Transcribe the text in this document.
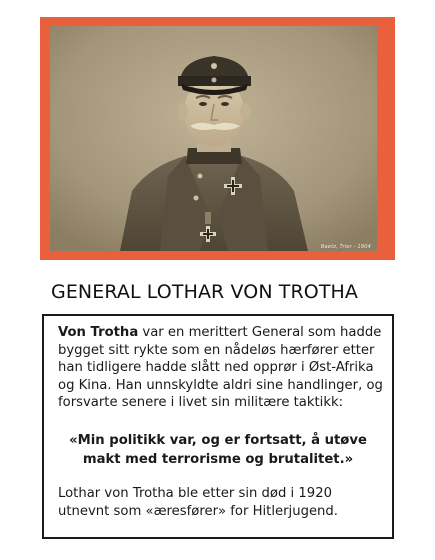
Baetz, Trier - 1904
GENERAL LOTHAR VON TROTHA

Von Trotha var en merittert General som hadde bygget sitt rykte som en nådeløs hærfører etter han tidligere hadde slått ned opprør i Øst-Afrika og Kina. Han unnskyldte aldri sine handlinger, og forsvarte senere i livet sin militære taktikk:

«Min politikk var, og er fortsatt, å utøve makt med terrorisme og brutalitet.»

Lothar von Trotha ble etter sin død i 1920 utnevnt som «æresfører» for Hitlerjugend.
